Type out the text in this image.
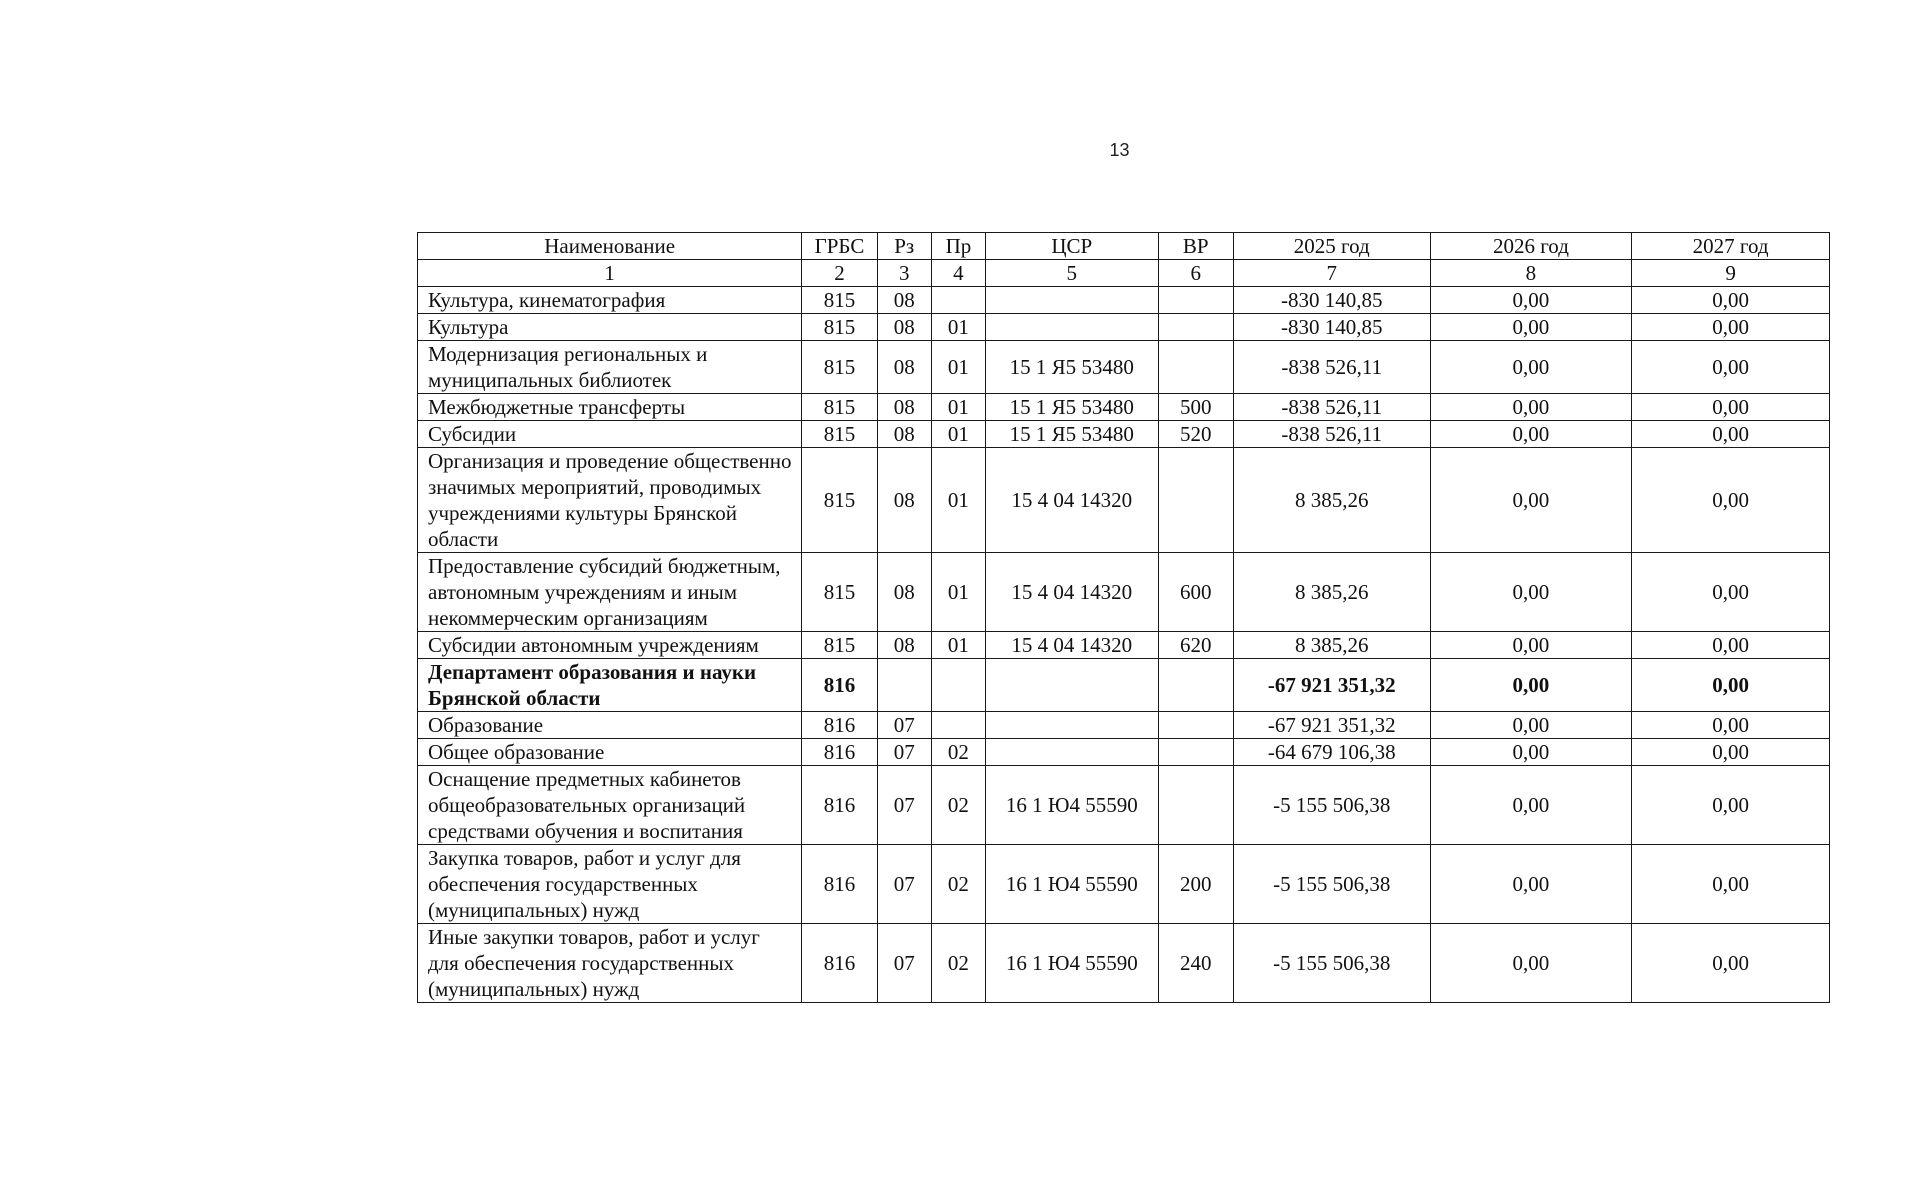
13
Наименование	ГРБС	Рз	Пр	ЦСР	ВР	2025 год	2026 год	2027 год
1	2	3	4	5	6	7	8	9
Культура, кинематография	815	08				-830 140,85	0,00	0,00
Культура	815	08	01			-830 140,85	0,00	0,00
Модернизация региональных и муниципальных библиотек	815	08	01	15 1 Я5 53480		-838 526,11	0,00	0,00
Межбюджетные трансферты	815	08	01	15 1 Я5 53480	500	-838 526,11	0,00	0,00
Субсидии	815	08	01	15 1 Я5 53480	520	-838 526,11	0,00	0,00
Организация и проведение общественно значимых мероприятий, проводимых учреждениями культуры Брянской области	815	08	01	15 4 04 14320		8 385,26	0,00	0,00
Предоставление субсидий бюджетным, автономным учреждениям и иным некоммерческим организациям	815	08	01	15 4 04 14320	600	8 385,26	0,00	0,00
Субсидии автономным учреждениям	815	08	01	15 4 04 14320	620	8 385,26	0,00	0,00
Департамент образования и науки Брянской области	816					-67 921 351,32	0,00	0,00
Образование	816	07				-67 921 351,32	0,00	0,00
Общее образование	816	07	02			-64 679 106,38	0,00	0,00
Оснащение предметных кабинетов общеобразовательных организаций средствами обучения и воспитания	816	07	02	16 1 Ю4 55590		-5 155 506,38	0,00	0,00
Закупка товаров, работ и услуг для обеспечения государственных (муниципальных) нужд	816	07	02	16 1 Ю4 55590	200	-5 155 506,38	0,00	0,00
Иные закупки товаров, работ и услуг для обеспечения государственных (муниципальных) нужд	816	07	02	16 1 Ю4 55590	240	-5 155 506,38	0,00	0,00
